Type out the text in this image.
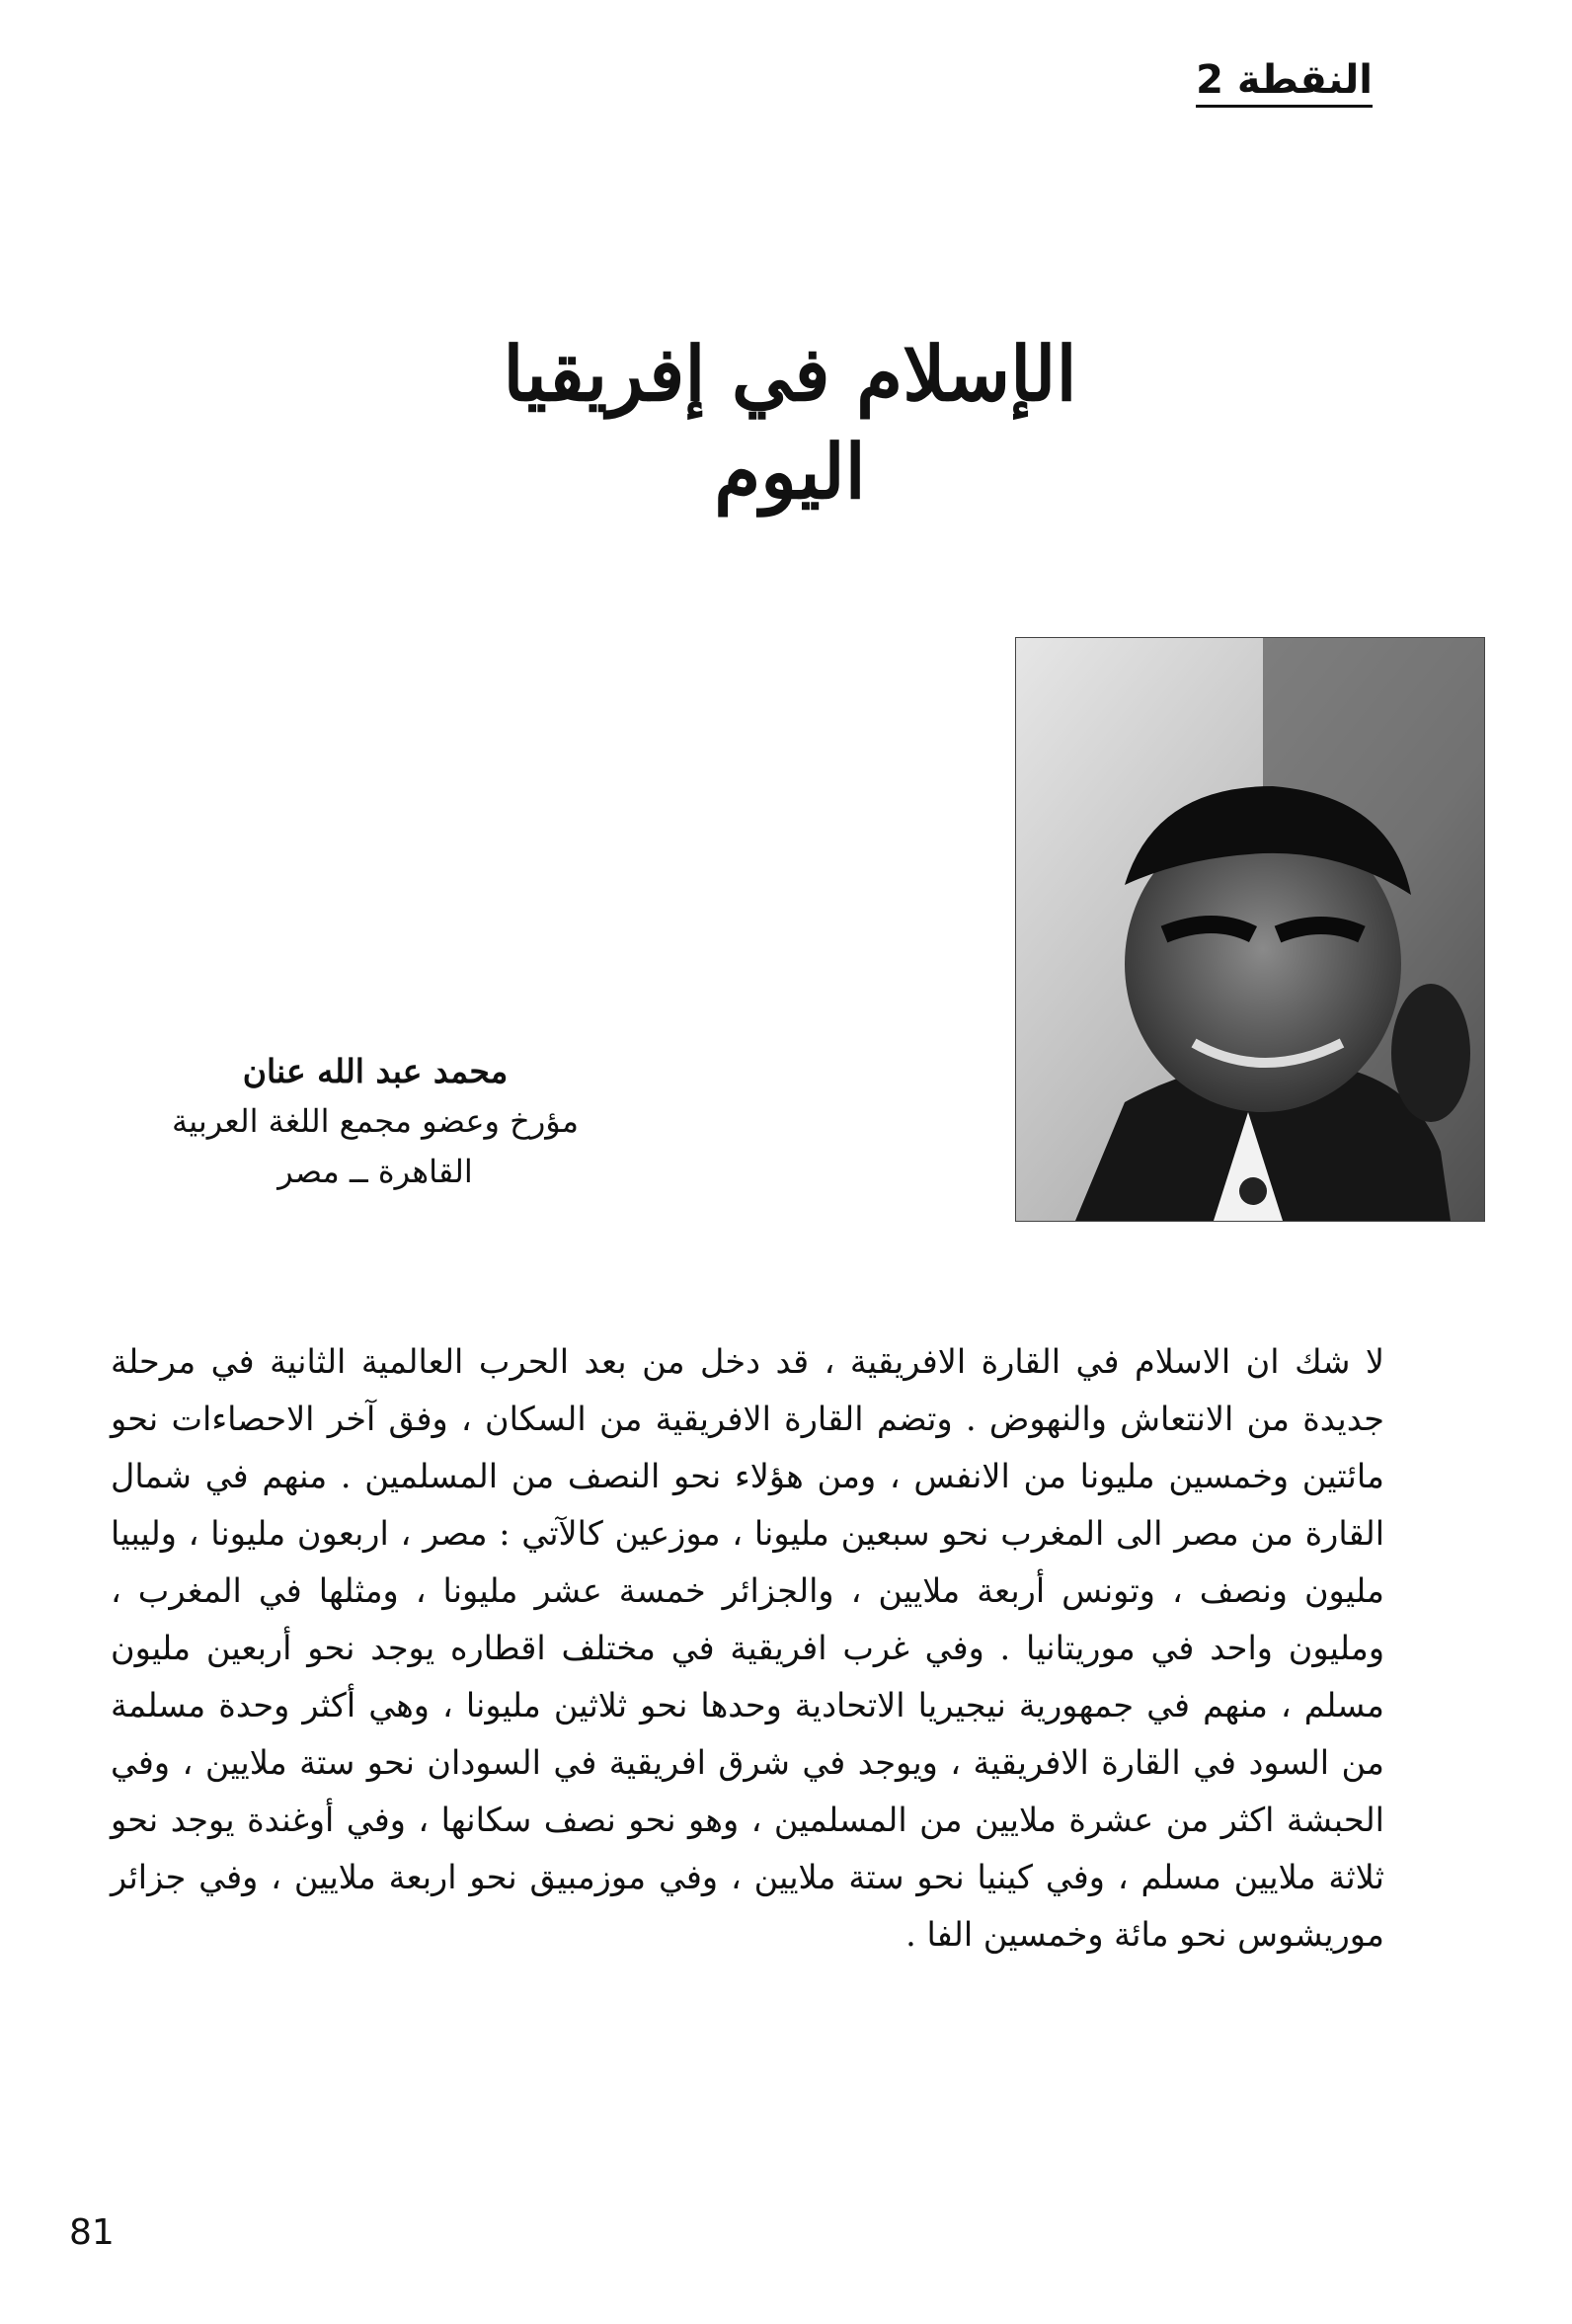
النقطة 2
الإسلام في إفريقيا اليوم
محمد عبد الله عنان
مؤرخ وعضو مجمع اللغة العربية
القاهرة ــ مصر
لا شك ان الاسلام في القارة الافريقية ، قد دخل من بعد الحرب العالمية الثانية في مرحلة جديدة من الانتعاش والنهوض . وتضم القارة الافريقية من السكان ، وفق آخر الاحصاءات نحو مائتين وخمسين مليونا من الانفس ، ومن هؤلاء نحو النصف من المسلمين . منهم في شمال القارة من مصر الى المغرب نحو سبعين مليونا ، موزعين كالآتي : مصر ، اربعون مليونا ، وليبيا مليون ونصف ، وتونس أربعة ملايين ، والجزائر خمسة عشر مليونا ، ومثلها في المغرب ، ومليون واحد في موريتانيا . وفي غرب افريقية في مختلف اقطاره يوجد نحو أربعين مليون مسلم ، منهم في جمهورية نيجيريا الاتحادية وحدها نحو ثلاثين مليونا ، وهي أكثر وحدة مسلمة من السود في القارة الافريقية ، ويوجد في شرق افريقية في السودان نحو ستة ملايين ، وفي الحبشة اكثر من عشرة ملايين من المسلمين ، وهو نحو نصف سكانها ، وفي أوغندة يوجد نحو ثلاثة ملايين مسلم ، وفي كينيا نحو ستة ملايين ، وفي موزمبيق نحو اربعة ملايين ، وفي جزائر موريشوس نحو مائة وخمسين الفا .
81
